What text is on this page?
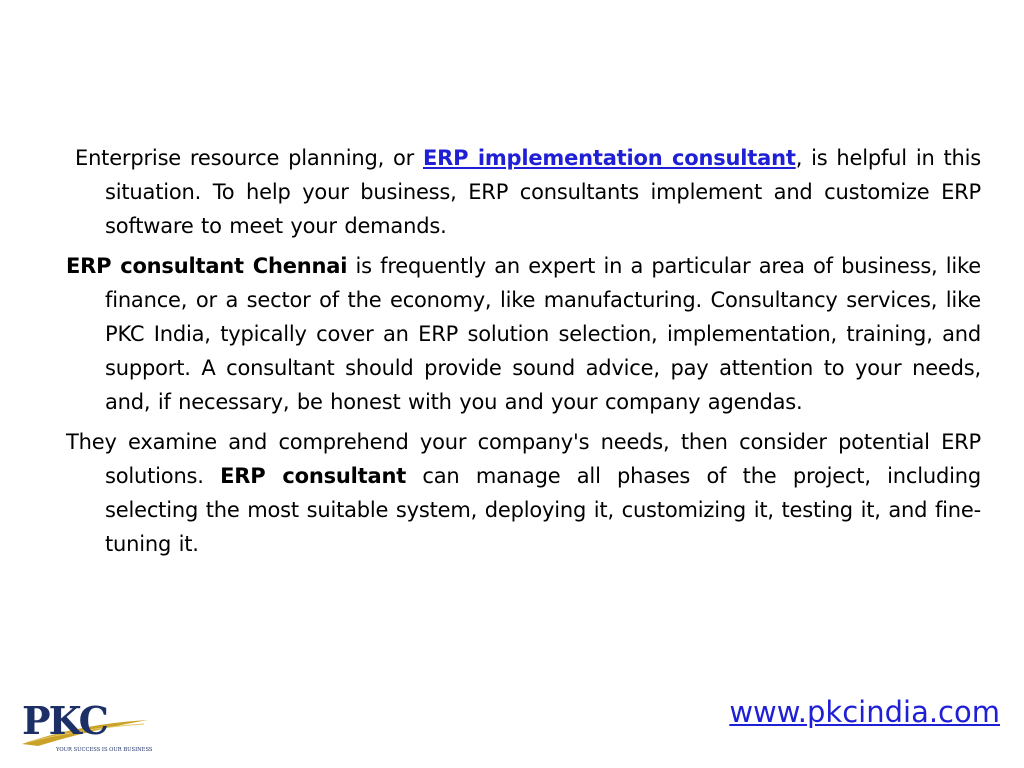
Enterprise resource planning, or ERP implementation consultant, is helpful in this situation. To help your business, ERP consultants implement and customize ERP software to meet your demands.

ERP consultant Chennai is frequently an expert in a particular area of business, like finance, or a sector of the economy, like manufacturing. Consultancy services, like PKC India, typically cover an ERP solution selection, implementation, training, and support. A consultant should provide sound advice, pay attention to your needs, and, if necessary, be honest with you and your company agendas.

They examine and comprehend your company's needs, then consider potential ERP solutions. ERP consultant can manage all phases of the project, including selecting the most suitable system, deploying it, customizing it, testing it, and fine-tuning it.

PKC
YOUR SUCCESS IS OUR BUSINESS
www.pkcindia.com
